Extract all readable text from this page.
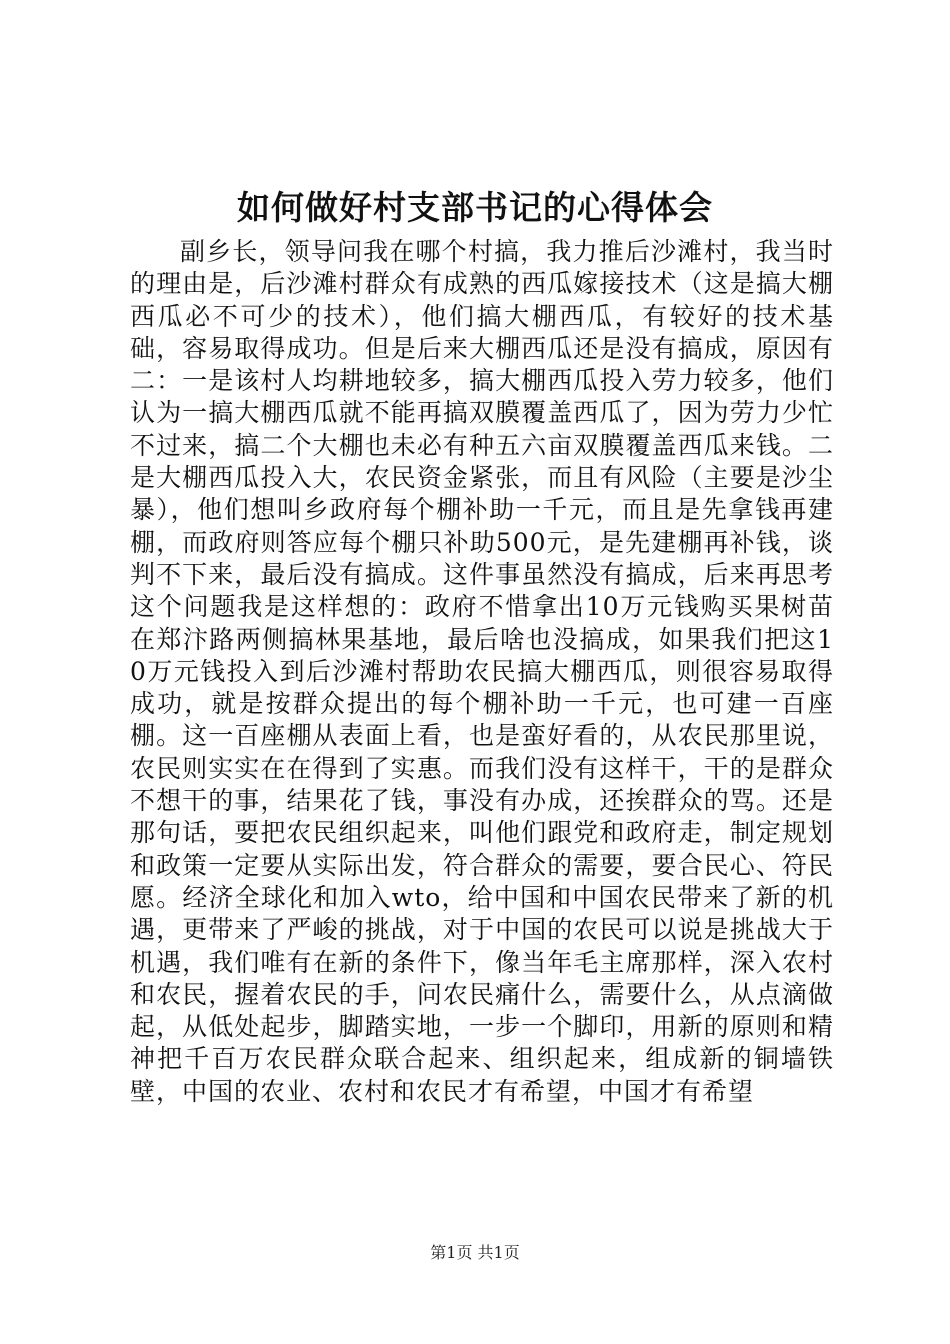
如何做好村支部书记的心得体会

副乡长，领导问我在哪个村搞，我力推后沙滩村，我当时的理由是，后沙滩村群众有成熟的西瓜嫁接技术（这是搞大棚西瓜必不可少的技术），他们搞大棚西瓜，有较好的技术基础，容易取得成功。但是后来大棚西瓜还是没有搞成，原因有二：一是该村人均耕地较多，搞大棚西瓜投入劳力较多，他们认为一搞大棚西瓜就不能再搞双膜覆盖西瓜了，因为劳力少忙不过来，搞二个大棚也未必有种五六亩双膜覆盖西瓜来钱。二是大棚西瓜投入大，农民资金紧张，而且有风险（主要是沙尘暴），他们想叫乡政府每个棚补助一千元，而且是先拿钱再建棚，而政府则答应每个棚只补助500元，是先建棚再补钱，谈判不下来，最后没有搞成。这件事虽然没有搞成，后来再思考这个问题我是这样想的：政府不惜拿出10万元钱购买果树苗在郑汴路两侧搞林果基地，最后啥也没搞成，如果我们把这10万元钱投入到后沙滩村帮助农民搞大棚西瓜，则很容易取得成功，就是按群众提出的每个棚补助一千元，也可建一百座棚。这一百座棚从表面上看，也是蛮好看的，从农民那里说，农民则实实在在得到了实惠。而我们没有这样干，干的是群众不想干的事，结果花了钱，事没有办成，还挨群众的骂。还是那句话，要把农民组织起来，叫他们跟党和政府走，制定规划和政策一定要从实际出发，符合群众的需要，要合民心、符民愿。经济全球化和加入wto，给中国和中国农民带来了新的机遇，更带来了严峻的挑战，对于中国的农民可以说是挑战大于机遇，我们唯有在新的条件下，像当年毛主席那样，深入农村和农民，握着农民的手，问农民痛什么，需要什么，从点滴做起，从低处起步，脚踏实地，一步一个脚印，用新的原则和精神把千百万农民群众联合起来、组织起来，组成新的铜墙铁壁，中国的农业、农村和农民才有希望，中国才有希望

第1页 共1页
